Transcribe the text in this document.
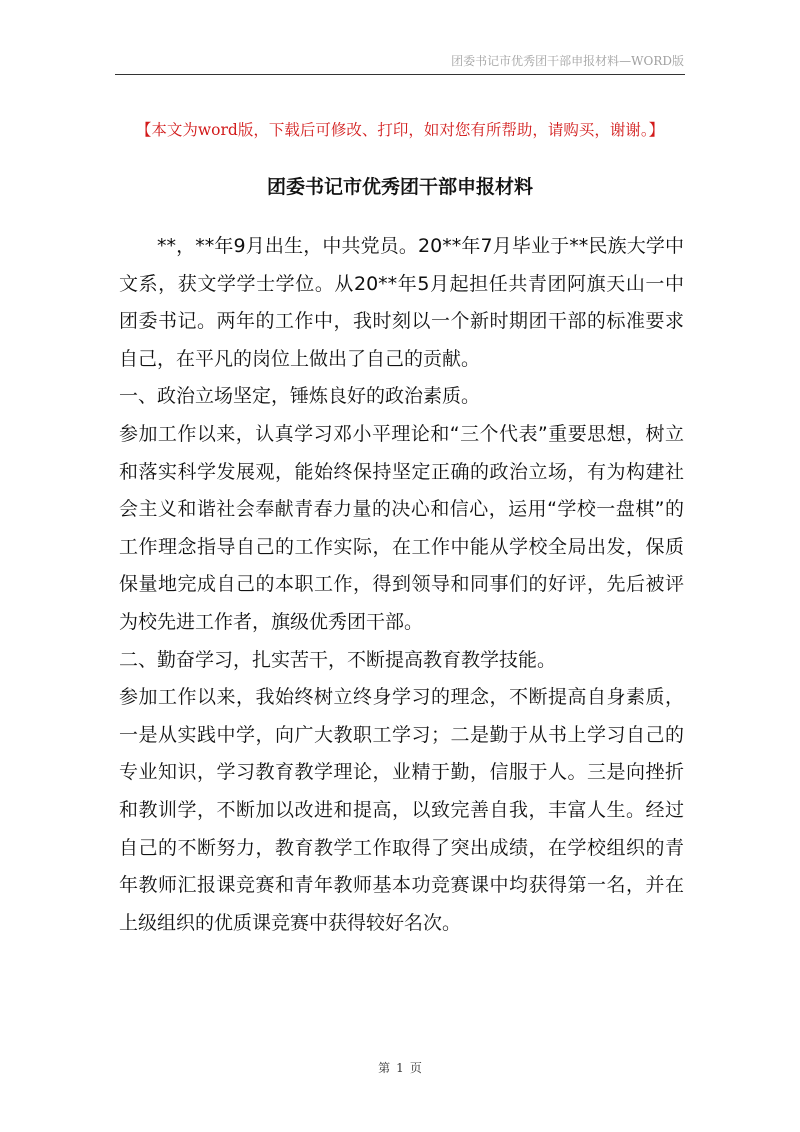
团委书记市优秀团干部申报材料—WORD版
【本文为word版，下载后可修改、打印，如对您有所帮助，请购买，谢谢。】
团委书记市优秀团干部申报材料

**，**年9月出生，中共党员。20**年7月毕业于**民族大学中文系，获文学学士学位。从20**年5月起担任共青团阿旗天山一中团委书记。两年的工作中，我时刻以一个新时期团干部的标准要求自己，在平凡的岗位上做出了自己的贡献。

一、政治立场坚定，锤炼良好的政治素质。

参加工作以来，认真学习邓小平理论和“三个代表”重要思想，树立和落实科学发展观，能始终保持坚定正确的政治立场，有为构建社会主义和谐社会奉献青春力量的决心和信心，运用“学校一盘棋”的工作理念指导自己的工作实际，在工作中能从学校全局出发，保质保量地完成自己的本职工作，得到领导和同事们的好评，先后被评为校先进工作者，旗级优秀团干部。

二、勤奋学习，扎实苦干，不断提高教育教学技能。

参加工作以来，我始终树立终身学习的理念，不断提高自身素质，一是从实践中学，向广大教职工学习；二是勤于从书上学习自己的专业知识，学习教育教学理论，业精于勤，信服于人。三是向挫折和教训学，不断加以改进和提高，以致完善自我，丰富人生。经过自己的不断努力，教育教学工作取得了突出成绩，在学校组织的青年教师汇报课竞赛和青年教师基本功竞赛课中均获得第一名，并在上级组织的优质课竞赛中获得较好名次。

第 1 页
